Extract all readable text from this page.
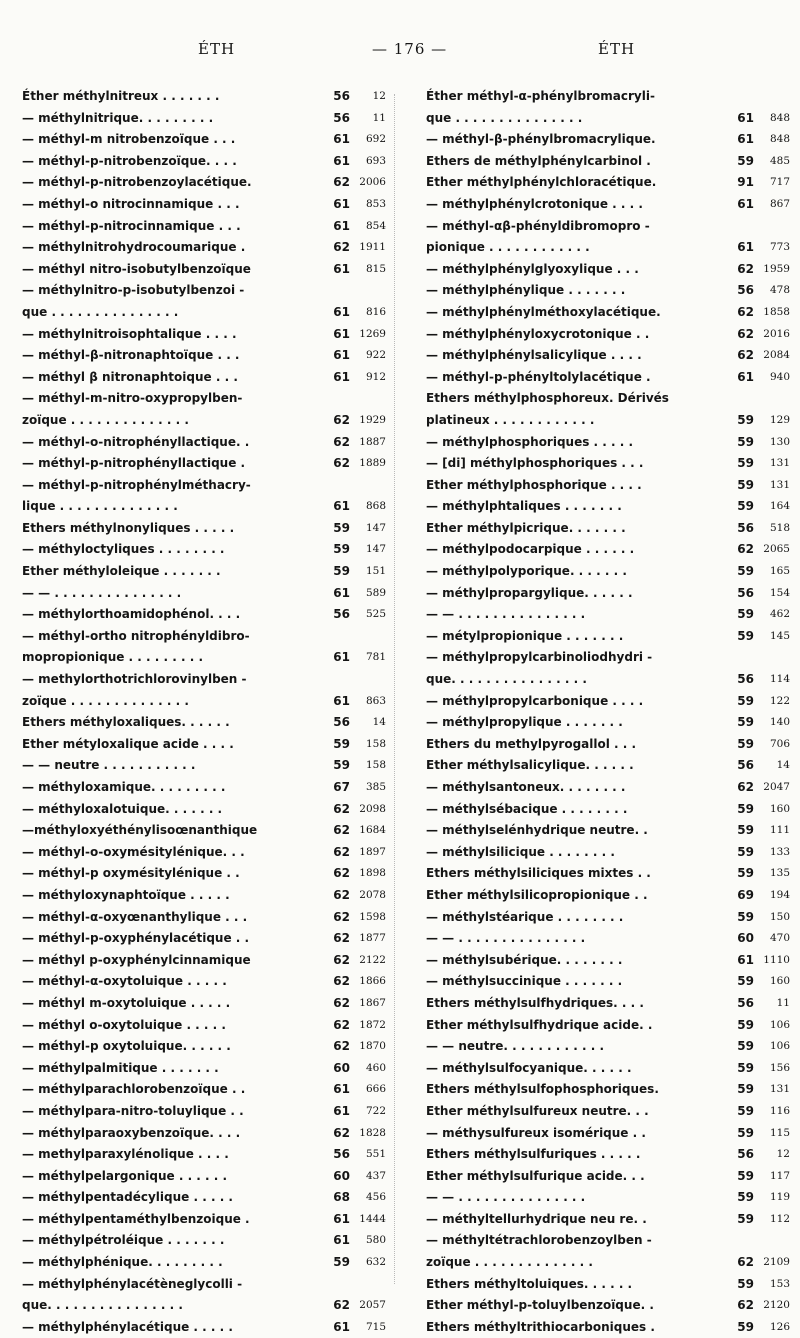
ÉTH	— 176 —	ÉTH
Éther méthylnitreux . . . . . . .	56	12
— méthylnitrique. . . . . . . . .	56	11
— méthyl-m nitrobenzoïque . . .	61	692
— méthyl-p-nitrobenzoïque. . . .	61	693
— méthyl-p-nitrobenzoylacétique.	62 2006
— méthyl-o nitrocinnamique . . .	61	853
— méthyl-p-nitrocinnamique . . .	61	854
— méthylnitrohydrocoumarique .	62 1911
— méthyl nitro-isobutylbenzoïque	61	815
— méthylnitro-p-isobutylbenzoi -
que . . . . . . . . . . . . . . .	61	816
— méthylnitroisophtalique . . . .	61 1269
— méthyl-β-nitronaphtoïque . . .	61	922
— méthyl β nitronaphtoique . . .	61	912
— méthyl-m-nitro-oxypropylben-
zoïque . . . . . . . . . . . . . .	62 1929
— méthyl-o-nitrophényllactique. .	62 1887
— méthyl-p-nitrophényllactique .	62 1889
— méthyl-p-nitrophénylméthacry-
lique . . . . . . . . . . . . . .	61	868
Ethers méthylnonyliques . . . . .	59	147
— méthyloctyliques . . . . . . . .	59	147
Ether méthyloleique . . . . . . .	59	151
— — . . . . . . . . . . . . . . .	61	589
— méthylorthoamidophénol. . . .	56	525
— méthyl-ortho nitrophényldibro-
mopropionique . . . . . . . . .	61	781
— methylorthotrichlorovinylben -
zoïque . . . . . . . . . . . . . .	61	863
Ethers méthyloxaliques. . . . . .	56	14
Ether métyloxalique acide . . . .	59	158
— — neutre . . . . . . . . . . .	59	158
— méthyloxamique. . . . . . . . .	67	385
— méthyloxalotuique. . . . . . .	62 2098
—méthyloxyéthénylisoœnanthique	62 1684
— méthyl-o-oxymésitylénique. . .	62 1897
— méthyl-p oxymésitylénique . .	62 1898
— méthyloxynaphtoïque . . . . .	62 2078
— méthyl-α-oxyœnanthylique . . .	62 1598
— méthyl-p-oxyphénylacétique . .	62 1877
— méthyl p-oxyphénylcinnamique	62 2122
— méthyl-α-oxytoluique . . . . .	62 1866
— méthyl m-oxytoluique . . . . .	62 1867
— méthyl o-oxytoluique . . . . .	62 1872
— méthyl-p oxytoluique. . . . . .	62 1870
— méthylpalmitique . . . . . . .	60	460
— méthylparachlorobenzoïque . .	61	666
— méthylpara-nitro-toluylique . .	61	722
— méthylparaoxybenzoïque. . . .	62 1828
— methylparaxylénolique . . . .	56	551
— méthylpelargonique . . . . . .	60	437
— méthylpentadécylique . . . . .	68	456
— méthylpentaméthylbenzoique .	61 1444
— méthylpétroléique . . . . . . .	61	580
— méthylphénique. . . . . . . . .	59	632
— méthylphénylacétèneglycolli -
que. . . . . . . . . . . . . . . .	62 2057
— méthylphénylacétique . . . . .	61	715
Éther méthyl-α-phénylbromacryli-
que . . . . . . . . . . . . . . .	61	848
— méthyl-β-phénylbromacrylique.	61	848
Ethers de méthylphénylcarbinol .	59	485
Ether méthylphénylchloracétique.	91	717
— méthylphénylcrotonique . . . .	61	867
— méthyl-αβ-phényldibromopro -
pionique . . . . . . . . . . . .	61	773
— méthylphénylglyoxylique . . .	62 1959
— méthylphénylique . . . . . . .	56	478
— méthylphénylméthoxylacétique.	62 1858
— méthylphényloxycrotonique . .	62 2016
— méthylphénylsalicylique . . . .	62 2084
— méthyl-p-phényltolylacétique .	61	940
Ethers méthylphosphoreux. Dérivés
platineux . . . . . . . . . . . .	59	129
— méthylphosphoriques . . . . .	59	130
— [di] méthylphosphoriques . . .	59	131
Ether méthylphosphorique . . . .	59	131
— méthylphtaliques . . . . . . .	59	164
Ether méthylpicrique. . . . . . .	56	518
— méthylpodocarpique . . . . . .	62 2065
— méthylpolyporique. . . . . . .	59	165
— méthylpropargylique. . . . . .	56	154
— — . . . . . . . . . . . . . . .	59	462
— métylpropionique . . . . . . .	59	145
— méthylpropylcarbinoliodhydri -
que. . . . . . . . . . . . . . . .	56	114
— méthylpropylcarbonique . . . .	59	122
— méthylpropylique . . . . . . .	59	140
Ethers du methylpyrogallol . . .	59	706
Ether méthylsalicylique. . . . . .	56	14
— méthylsantoneux. . . . . . . .	62 2047
— méthylsébacique . . . . . . . .	59	160
— méthylselénhydrique neutre. .	59	111
— méthylsilicique . . . . . . . .	59	133
Ethers méthylsiliciques mixtes . .	59	135
Ether méthylsilicopropionique . .	69	194
— méthylstéarique . . . . . . . .	59	150
— — . . . . . . . . . . . . . . .	60	470
— méthylsubérique. . . . . . . .	61 1110
— méthylsuccinique . . . . . . .	59	160
Ethers méthylsulfhydriques. . . .	56	11
Ether méthylsulfhydrique acide. .	59	106
— — neutre. . . . . . . . . . . .	59	106
— méthylsulfocyanique. . . . . .	59	156
Ethers méthylsulfophosphoriques.	59	131
Ether méthylsulfureux neutre. . .	59	116
— méthysulfureux isomérique . .	59	115
Ethers méthylsulfuriques . . . . .	56	12
Ether méthylsulfurique acide. . .	59	117
— — . . . . . . . . . . . . . . .	59	119
— méthyltellurhydrique neu re. .	59	112
— méthyltétrachlorobenzoylben -
zoïque . . . . . . . . . . . . . .	62 2109
Ethers méthyltoluiques. . . . . .	59	153
Ether méthyl-p-toluylbenzoïque. .	62 2120
Ethers méthyltrithiocarboniques .	59	126
